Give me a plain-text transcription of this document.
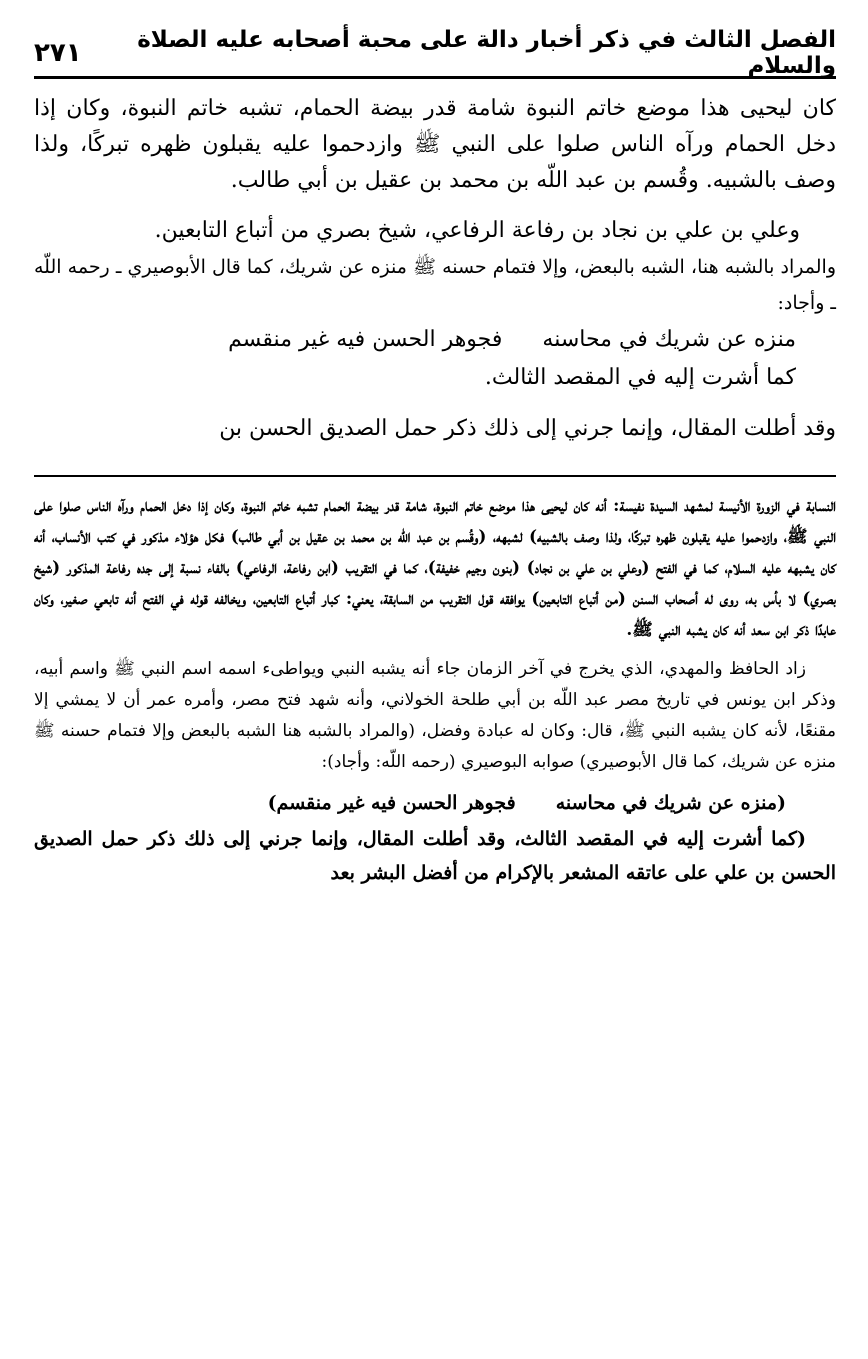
الفصل الثالث في ذكر أخبار دالة على محبة أصحابه عليه الصلاة والسلام
٢٧١

كان ليحيى هذا موضع خاتم النبوة شامة قدر بيضة الحمام، تشبه خاتم النبوة، وكان إذا دخل الحمام ورآه الناس صلوا على النبي ﷺ وازدحموا عليه يقبلون ظهره تبركًا، ولذا وصف بالشبيه. وقُسم بن عبد اللّه بن محمد بن عقيل بن أبي طالب.

وعلي بن علي بن نجاد بن رفاعة الرفاعي، شيخ بصري من أتباع التابعين.

والمراد بالشبه هنا، الشبه بالبعض، وإلا فتمام حسنه ﷺ منزه عن شريك، كما قال الأبوصيري ـ رحمه اللّه ـ وأجاد:

منزه عن شريك في محاسنه
فجوهر الحسن فيه غير منقسم
كما أشرت إليه في المقصد الثالث.

وقد أطلت المقال، وإنما جرني إلى ذلك ذكر حمل الصديق الحسن بن

النسابة في الزورة الأنيسة لمشهد السيدة نفيسة: أنه كان ليحيى هذا موضع خاتم النبوة، شامة قدر بيضة الحمام تشبه خاتم النبوة، وكان إذا دخل الحمام ورآه الناس صلوا على النبي ﷺ، وازدحموا عليه يقبلون ظهره تبركًا، ولذا وصف بالشبيه) لشبهه، (وقُسم بن عبد اللّه بن محمد بن عقيل بن أبي طالب) فكل هؤلاء مذكور في كتب الأنساب، أنه كان يشبهه عليه السلام، كما في الفتح (وعلي بن علي بن نجاد) (بنون وجيم خفيفة)، كما في التقريب (ابن رفاعة، الرفاعي) بالفاء نسبة إلى جده رفاعة المذكور (شيخ بصري) لا بأس به، روى له أصحاب السنن (من أتباع التابعين) يوافقه قول التقريب من السابقة، يعني: كبار أتباع التابعين، ويخالفه قوله في الفتح أنه تابعي صغير، وكان عابدًا ذكر ابن سعد أنه كان يشبه النبي ﷺ.

زاد الحافظ والمهدي، الذي يخرج في آخر الزمان جاء أنه يشبه النبي ويواطىء اسمه اسم النبي ﷺ واسم أبيه، وذكر ابن يونس في تاريخ مصر عبد اللّه بن أبي طلحة الخولاني، وأنه شهد فتح مصر، وأمره عمر أن لا يمشي إلا مقنعًا، لأنه كان يشبه النبي ﷺ، قال: وكان له عبادة وفضل، (والمراد بالشبه هنا الشبه بالبعض وإلا فتمام حسنه ﷺ منزه عن شريك، كما قال الأبوصيري) صوابه البوصيري (رحمه اللّه: وأجاد):

(منزه عن شريك في محاسنه
فجوهر الحسن فيه غير منقسم)

(كما أشرت إليه في المقصد الثالث، وقد أطلت المقال، وإنما جرني إلى ذلك ذكر حمل الصديق الحسن بن علي على عاتقه المشعر بالإكرام من أفضل البشر بعد
